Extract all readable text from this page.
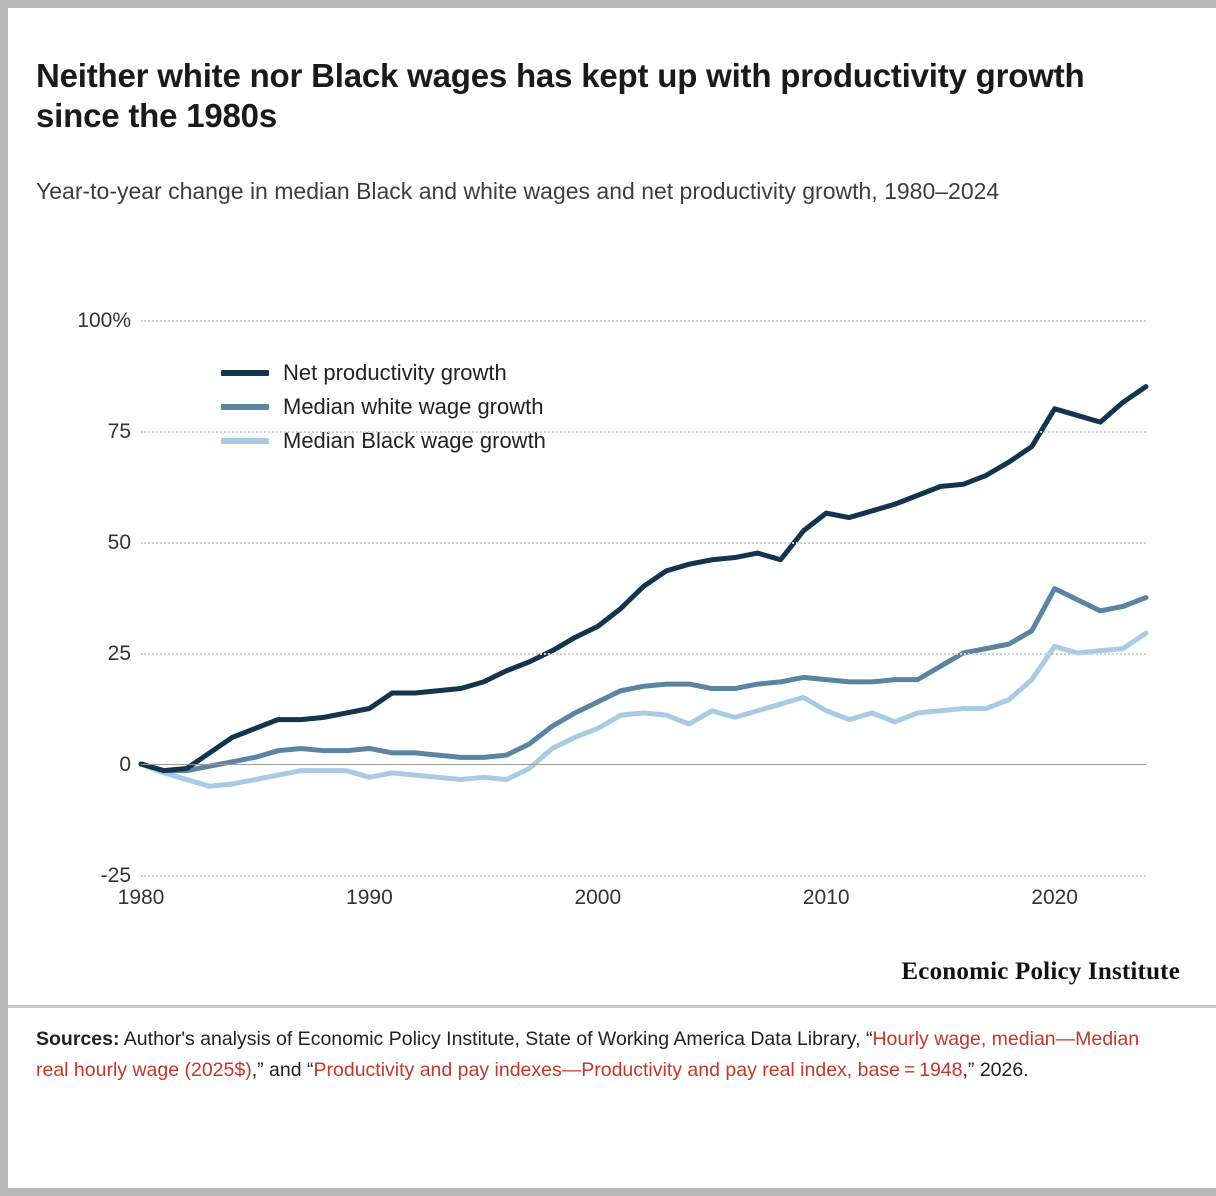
Neither white nor Black wages has kept up with productivity growth since the 1980s
Year-to-year change in median Black and white wages and net productivity growth, 1980–2024
Net productivity growth
Median white wage growth
Median Black wage growth
-25
0
25
50
75
100%
1980	1990	2000	2010	2020
Economic Policy Institute
Sources: Author's analysis of Economic Policy Institute, State of Working America Data Library, “Hourly wage, median—Median real hourly wage (2025$),” and “Productivity and pay indexes—Productivity and pay real index, base = 1948,” 2026.
